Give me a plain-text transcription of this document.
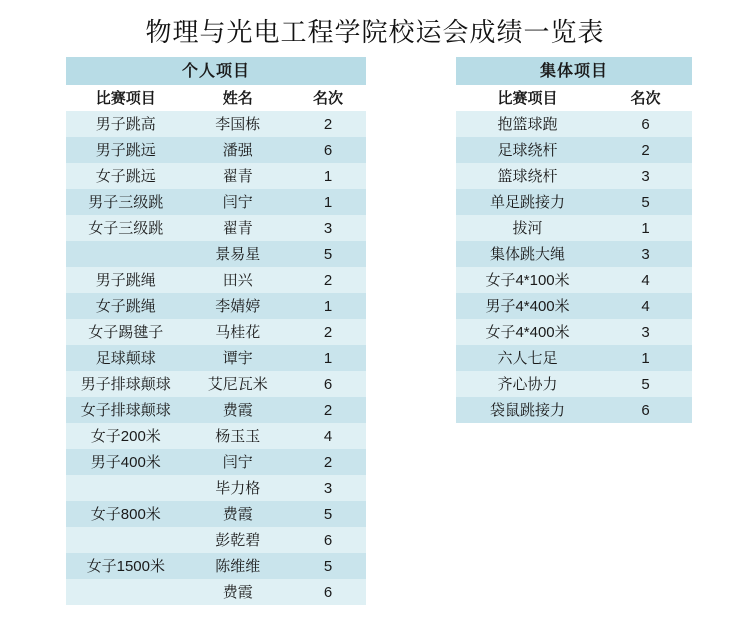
物理与光电工程学院校运会成绩一览表
个人项目		
比赛项目	姓名	名次
男子跳高	李国栋	2
男子跳远	潘强	6
女子跳远	翟青	1
男子三级跳	闫宁	1
女子三级跳	翟青	3
	景易星	5
男子跳绳	田兴	2
女子跳绳	李婧婷	1
女子踢毽子	马桂花	2
足球颠球	谭宇	1
男子排球颠球	艾尼瓦米	6
女子排球颠球	费霞	2
女子200米	杨玉玉	4
男子400米	闫宁	2
	毕力格	3
女子800米	费霞	5
	彭乾碧	6
女子1500米	陈维维	5
	费霞	6
集体项目	
比赛项目	名次
抱篮球跑	6
足球绕杆	2
篮球绕杆	3
单足跳接力	5
拔河	1
集体跳大绳	3
女子4*100米	4
男子4*400米	4
女子4*400米	3
六人七足	1
齐心协力	5
袋鼠跳接力	6
